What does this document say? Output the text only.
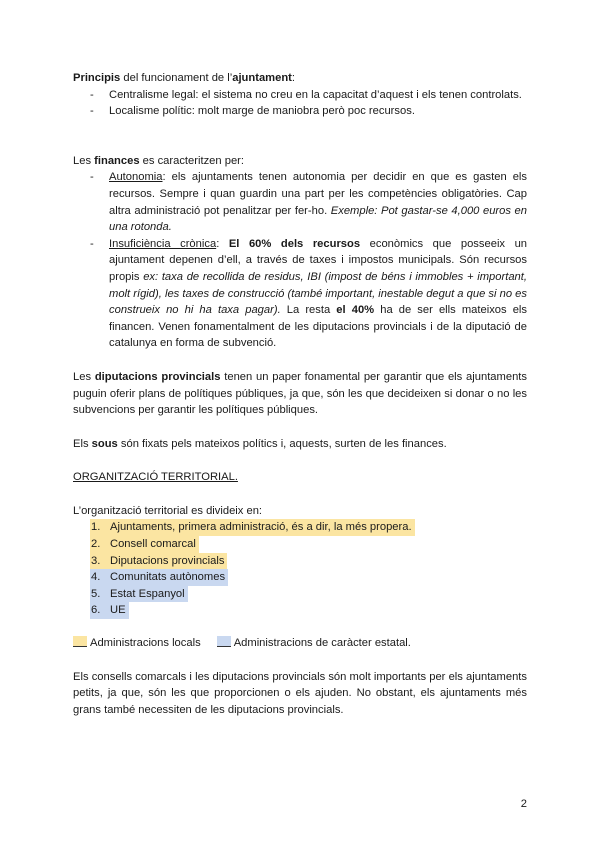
Principis del funcionament de l’ajuntament:

- Centralisme legal: el sistema no creu en la capacitat d’aquest i els tenen controlats.
- Localisme polític: molt marge de maniobra però poc recursos.

Les finances es caracteritzen per:

- Autonomia: els ajuntaments tenen autonomia per decidir en que es gasten els recursos. Sempre i quan guardin una part per les competències obligatòries. Cap altra administració pot penalitzar per fer-ho. Exemple: Pot gastar-se 4,000 euros en una rotonda.
- Insuficiència crònica: El 60% dels recursos econòmics que posseeix un ajuntament depenen d’ell, a través de taxes i impostos municipals. Són recursos propis ex: taxa de recollida de residus, IBI (impost de béns i immobles + important, molt rígid), les taxes de construcció (també important, inestable degut a que si no es construeix no hi ha taxa pagar). La resta el 40% ha de ser ells mateixos els financen. Venen fonamentalment de les diputacions provincials i de la diputació de catalunya en forma de subvenció.

Les diputacions provincials tenen un paper fonamental per garantir que els ajuntaments puguin oferir plans de polítiques públiques, ja que, són les que decideixen si donar o no les subvencions per garantir les polítiques públiques.

Els sous són fixats pels mateixos polítics i, aquests, surten de les finances.

ORGANITZACIÓ TERRITORIAL.

L’organització territorial es divideix en:

1. Ajuntaments, primera administració, és a dir, la més propera.
2. Consell comarcal
3. Diputacions provincials
4. Comunitats autònomes
5. Estat Espanyol
6. UE
Administracions locals	Administracions de caràcter estatal.

Els consells comarcals i les diputacions provincials són molt importants per els ajuntaments petits, ja que, són les que proporcionen o els ajuden. No obstant, els ajuntaments més grans també necessiten de les diputacions provincials.

2
